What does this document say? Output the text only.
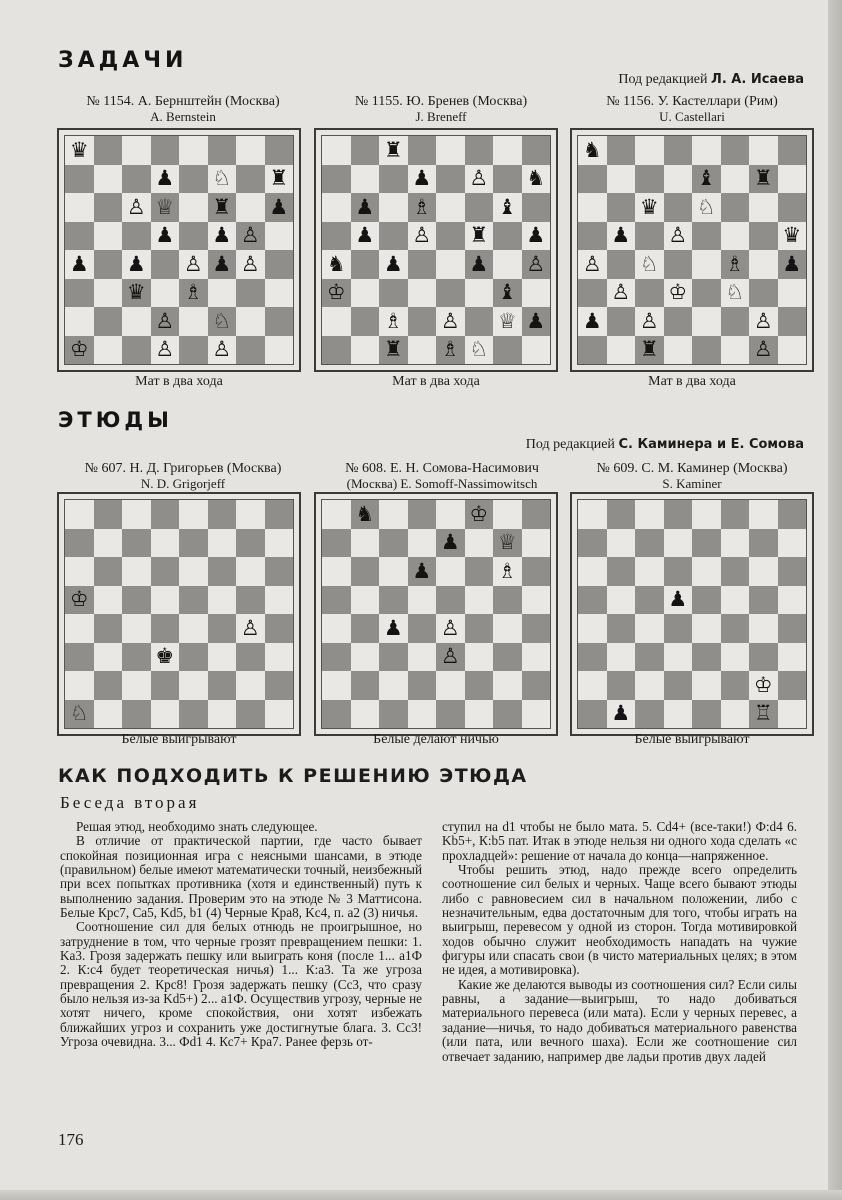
ЗАДАЧИ
Под редакцией Л. А. Исаева
№ 1154. А. Бернштейн (Москва)
A. Bernstein
№ 1155. Ю. Бренев (Москва)
J. Breneff
№ 1156. У. Кастеллари (Рим)
U. Castellari
♛
♟ ♘ ♜
♙ ♕ ♜ ♟
♟ ♟ ♙
♟ ♟ ♙ ♟ ♙
♛ ♗
♙ ♘
♔	♙ ♙
♜
♟ ♙ ♞
♟ ♗	♝
♟ ♙ ♜ ♟
♞ ♟	♟ ♙
♔	♝
♗ ♙ ♕ ♟
♜ ♗ ♘
♞
♝ ♜
♛ ♘
♟ ♙	♛
♙ ♘	♗ ♟
♙ ♔ ♘
♟ ♙	♙
♜	♙
Мат в два хода	Мат в два хода	Мат в два хода
ЭТЮДЫ
Под редакцией С. Каминера и Е. Сомова
№ 607. Н. Д. Григорьев (Москва)
N. D. Grigorjeff
№ 608. Е. Н. Сомова-Насимович
(Москва) E. Somoff-Nassimowitsch
№ 609. С. М. Каминер (Москва)
S. Kaminer
♔
♙
♚
♘
♞	♔
♟ ♕
♟	♗
♟ ♙
♙
♟
♔
♟	♖
Белые выигрывают	Белые делают ничью	Белые выигрывают
КАК ПОДХОДИТЬ К РЕШЕНИЮ ЭТЮДА
Беседа вторая

Решая этюд, необходимо знать следующее.

В отличие от практической партии, где часто бывает спокойная позиционная игра с неясными шансами, в этюде (правильном) белые имеют математически точный, неизбежный при всех попытках противника (хотя и единственный) путь к выполнению задания. Проверим это на этюде № 3 Маттисона. Белые Крс7, Сa5, Kd5, b1 (4) Черные Кра8, Kс4, п. a2 (3) ничья.

Соотношение сил для белых отнюдь не проигрышное, но затруднение в том, что черные грозят превращением пешки: 1. Ka3. Грозя задержать пешку или выиграть коня (после 1... a1Ф 2. К:с4 будет теоретическая ничья) 1... К:а3. Та же угроза превращения 2. Крс8! Грозя задержать пешку (Сc3, что сразу было нельзя из-за Kd5+) 2... a1Ф. Осуществив угрозу, черные не хотят ничего, кроме спокойствия, они хотят избежать ближайших угроз и сохранить уже достигнутые блага. 3. Сс3! Угроза очевидна. 3... Фd1 4. Кс7+ Кра7. Ранее ферзь от-

ступил на d1 чтобы не было мата. 5. Cd4+ (все-таки!) Ф:d4 6. Kb5+, К:b5 пат. Итак в этюде нельзя ни одного хода сделать «с прохладцей»: решение от начала до конца—напряженное.

Чтобы решить этюд, надо прежде всего определить соотношение сил белых и черных. Чаще всего бывают этюды либо с равновесием сил в начальном положении, либо с незначительным, едва достаточным для того, чтобы играть на выигрыш, перевесом у одной из сторон. Тогда мотивировкой ходов обычно служит необходимость нападать на чужие фигуры или спасать свои (в чисто материальных целях; в этом не идея, а мотивировка).

Какие же делаются выводы из соотношения сил? Если силы равны, а задание—выигрыш, то надо добиваться материального перевеса (или мата). Если у черных перевес, а задание—ничья, то надо добиваться материального равенства (или пата, или вечного шаха). Если же соотношение сил отвечает заданию, например две ладьи против двух ладей

176
